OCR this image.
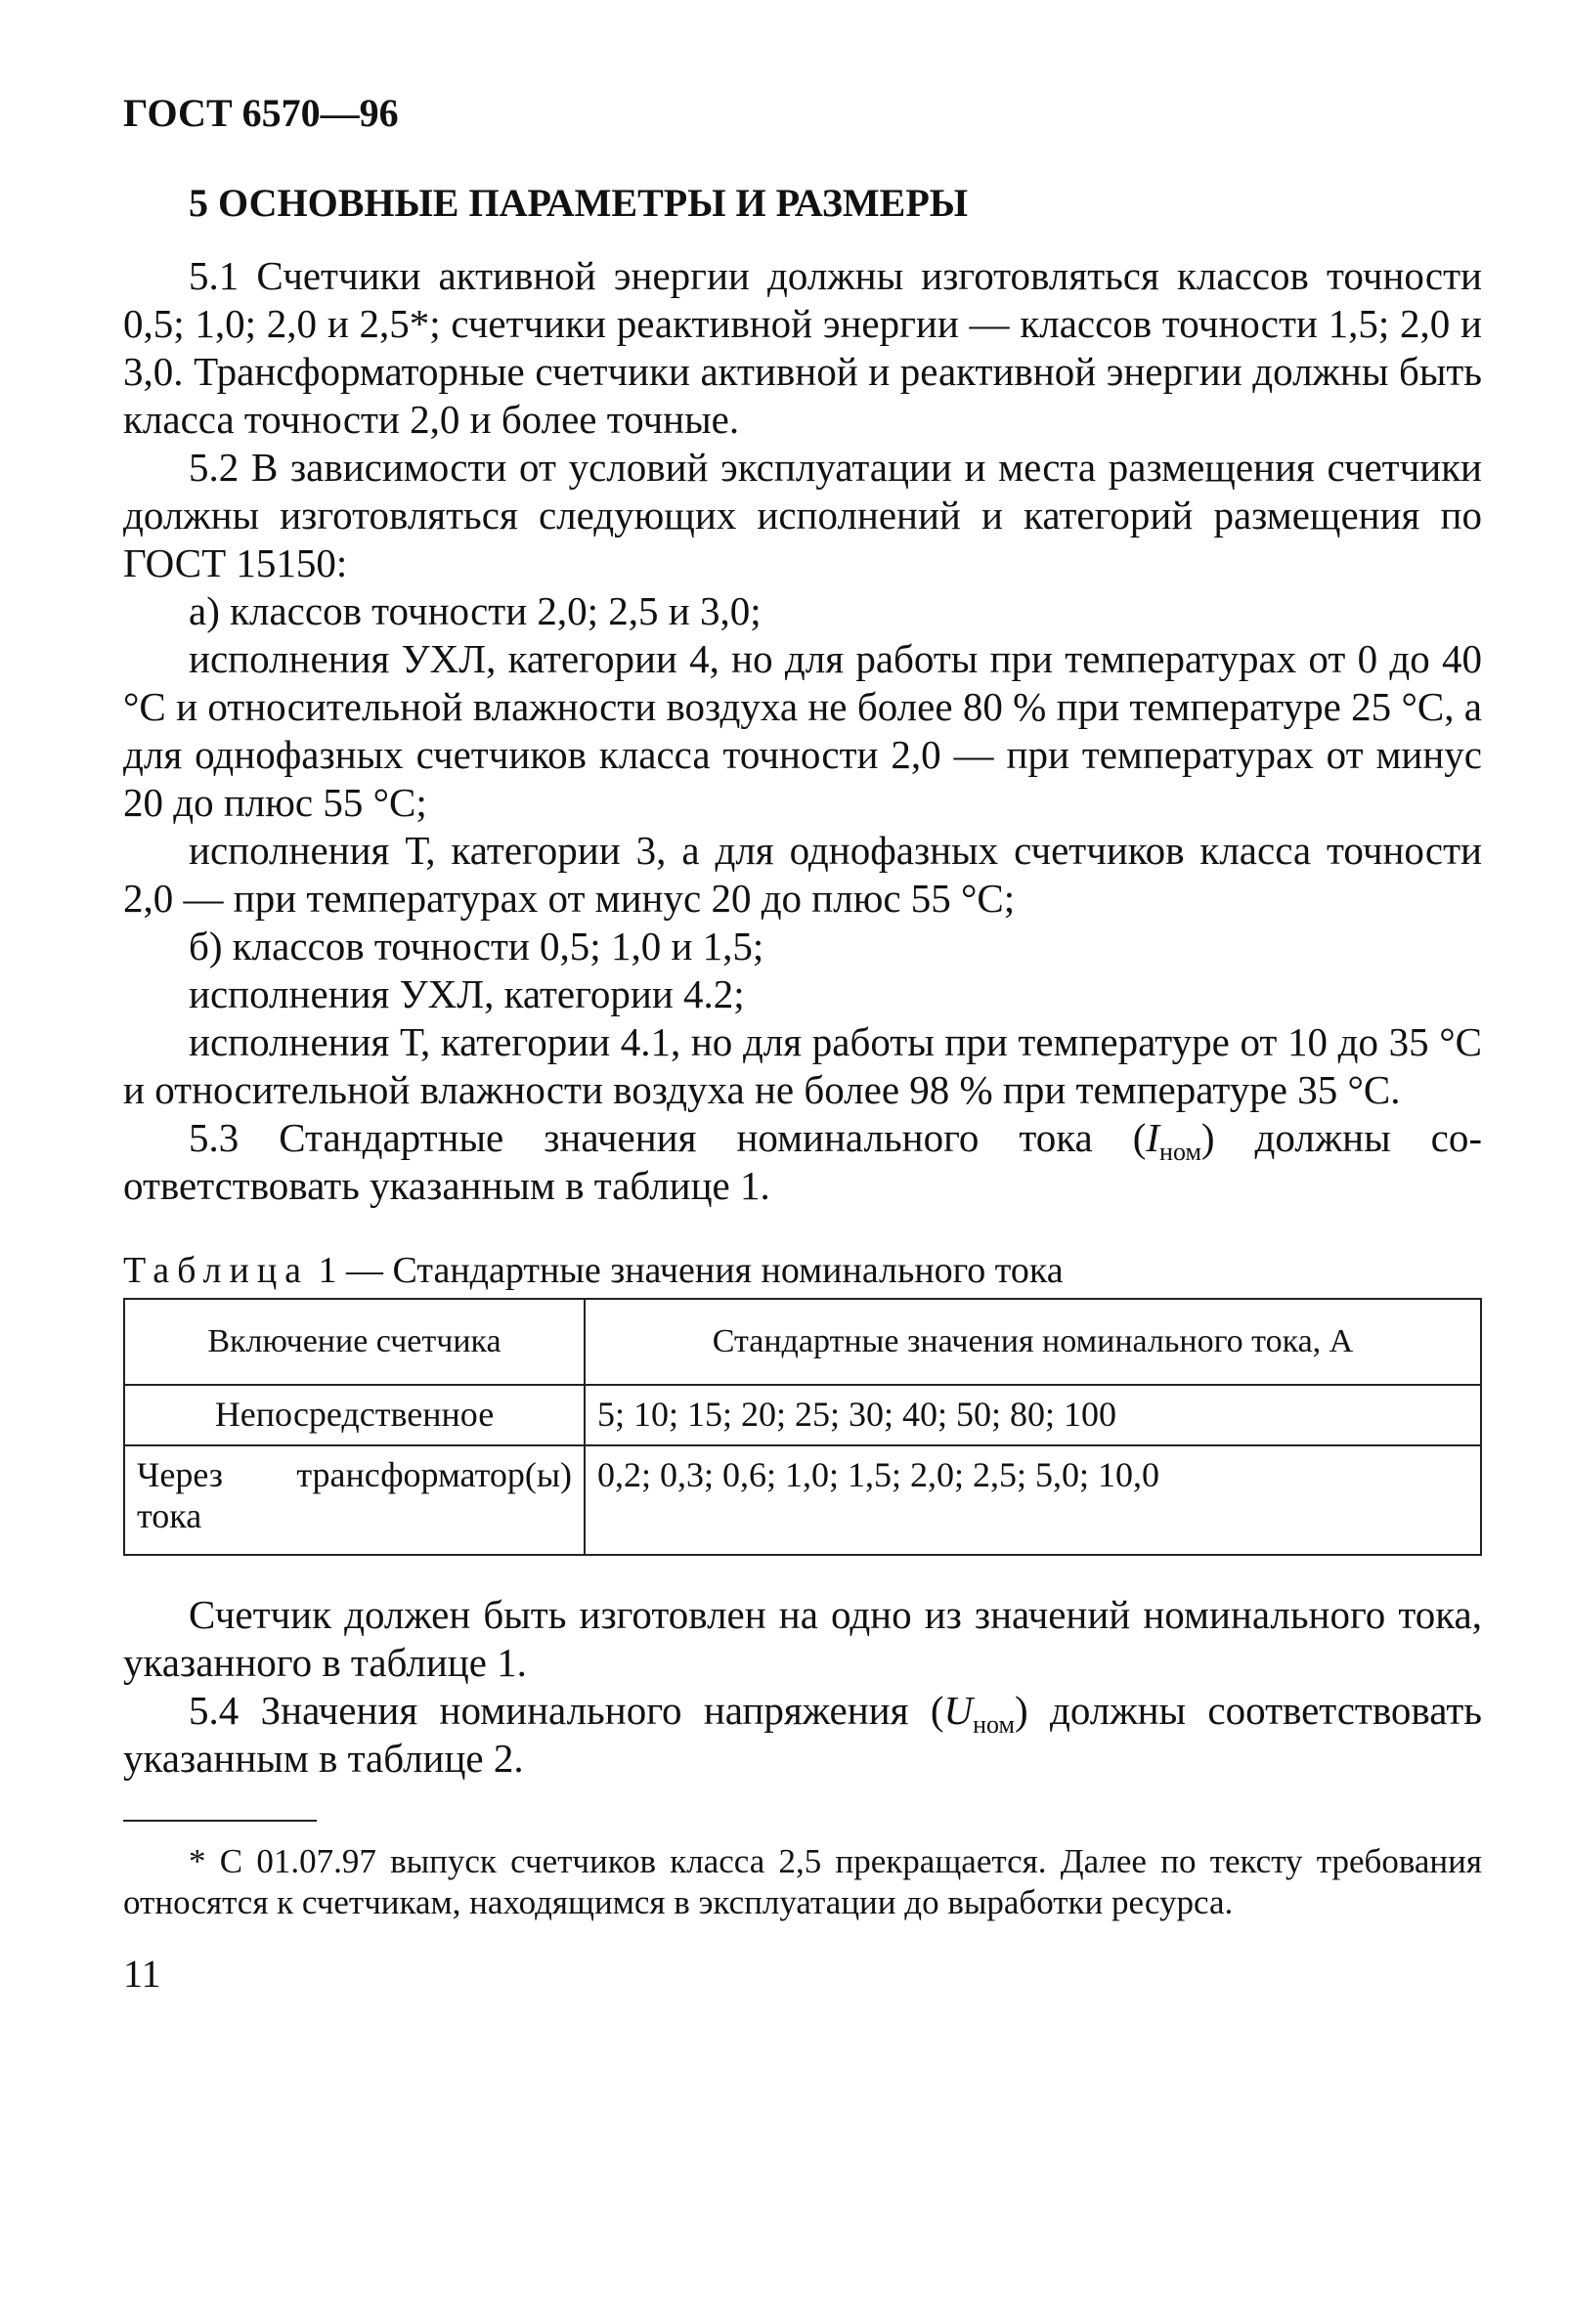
ГОСТ 6570—96
5 ОСНОВНЫЕ ПАРАМЕТРЫ И РАЗМЕРЫ

5.1 Счетчики активной энергии должны изготовляться классов точности 0,5; 1,0; 2,0 и 2,5*; счетчики реактивной энергии — классов точности 1,5; 2,0 и 3,0. Трансформаторные счетчики активной и реактивной энергии должны быть класса точности 2,0 и более точные.

5.2 В зависимости от условий эксплуатации и места размещения счетчики должны изготовляться следующих исполнений и категорий размещения по ГОСТ 15150:

а) классов точности 2,0; 2,5 и 3,0;

исполнения УХЛ, категории 4, но для работы при температурах от 0 до 40 °С и относительной влажности воздуха не более 80 % при температуре 25 °С, а для однофазных счетчиков класса точности 2,0 — при температурах от минус 20 до плюс 55 °С;

исполнения Т, категории 3, а для однофазных счетчиков класса точности 2,0 — при температурах от минус 20 до плюс 55 °С;

б) классов точности 0,5; 1,0 и 1,5;

исполнения УХЛ, категории 4.2;

исполнения Т, категории 4.1, но для работы при температуре от 10 до 35 °С и относительной влажности воздуха не более 98 % при температуре 35 °С.

5.3 Стандартные значения номинального тока $(I_{ном})$ должны соответствовать указанным в таблице 1.

Таблица 1 — Стандартные значения номинального тока
Включение счетчика	Стандартные значения номинального тока, А
Непосредственное	5; 10; 15; 20; 25; 30; 40; 50; 80; 100
Через трансформатор(ы) тока	0,2; 0,3; 0,6; 1,0; 1,5; 2,0; 2,5; 5,0; 10,0

Счетчик должен быть изготовлен на одно из значений номинального тока, указанного в таблице 1.

5.4 Значения номинального напряжения $(U_{ном})$ должны соответствовать указанным в таблице 2.

* С 01.07.97 выпуск счетчиков класса 2,5 прекращается. Далее по тексту требования относятся к счетчикам, находящимся в эксплуатации до выработки ресурса.

11
